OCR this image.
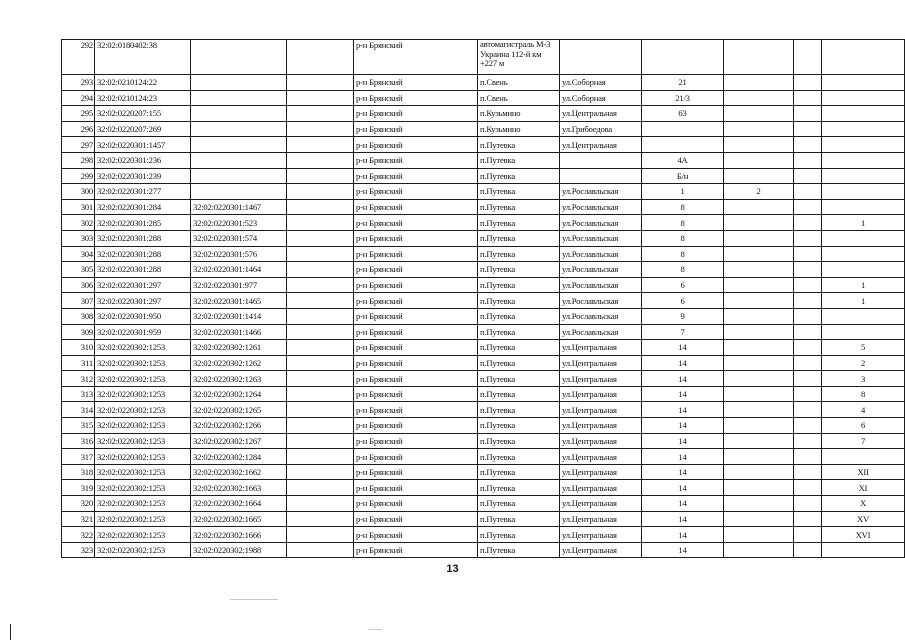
292	32:02:0180402:38			р-н Брянский	автомагистраль М-3 Украина 112-й км +227 м					
293	32:02:0210124:22			р-н Брянский	п.Свень	ул.Соборная	21			
294	32:02:0210124:23			р-н Брянский	п.Свень	ул.Соборная	21/3			
295	32:02:0220207:155			р-н Брянский	п.Кузьмино	ул.Центральная	63			
296	32:02:0220207:269			р-н Брянский	п.Кузьмино	ул.Грибоедова				
297	32:02:0220301:1457			р-н Брянский	п.Путевка	ул.Центральная				
298	32:02:0220301:236			р-н Брянский	п.Путевка		4А			
299	32:02:0220301:239			р-н Брянский	п.Путевка		Б/н			
300	32:02:0220301:277			р-н Брянский	п.Путевка	ул.Рославльская	1	2		
301	32:02:0220301:284	32:02:0220301:1467		р-н Брянский	п.Путевка	ул.Рославльская	8			
302	32:02:0220301:285	32:02:0220301:523		р-н Брянский	п.Путевка	ул.Рославльская	8			1
303	32:02:0220301:288	32:02:0220301:574		р-н Брянский	п.Путевка	ул.Рославльская	8			
304	32:02:0220301:288	32:02:0220301:576		р-н Брянский	п.Путевка	ул.Рославльская	8			
305	32:02:0220301:288	32:02:0220301:1464		р-н Брянский	п.Путевка	ул.Рославльская	8			
306	32:02:0220301:297	32:02:0220301:977		р-н Брянский	п.Путевка	ул.Рославльская	6			1
307	32:02:0220301:297	32:02:0220301:1465		р-н Брянский	п.Путевка	ул.Рославльская	6			1
308	32:02:0220301:950	32:02:0220301:1414		р-н Брянский	п.Путевка	ул.Рославльская	9			
309	32:02:0220301:959	32:02:0220301:1466		р-н Брянский	п.Путевка	ул.Рославльская	7			
310	32:02:0220302:1253	32:02:0220302:1261		р-н Брянский	п.Путевка	ул.Центральная	14			5
311	32:02:0220302:1253	32:02:0220302:1262		р-н Брянский	п.Путевка	ул.Центральная	14			2
312	32:02:0220302:1253	32:02:0220302:1263		р-н Брянский	п.Путевка	ул.Центральная	14			3
313	32:02:0220302:1253	32:02:0220302:1264		р-н Брянский	п.Путевка	ул.Центральная	14			8
314	32:02:0220302:1253	32:02:0220302:1265		р-н Брянский	п.Путевка	ул.Центральная	14			4
315	32:02:0220302:1253	32:02:0220302:1266		р-н Брянский	п.Путевка	ул.Центральная	14			6
316	32:02:0220302:1253	32:02:0220302:1267		р-н Брянский	п.Путевка	ул.Центральная	14			7
317	32:02:0220302:1253	32:02:0220302:1284		р-н Брянский	п.Путевка	ул.Центральная	14			
318	32:02:0220302:1253	32:02:0220302:1662		р-н Брянский	п.Путевка	ул.Центральная	14			XII
319	32:02:0220302:1253	32:02:0220302:1663		р-н Брянский	п.Путевка	ул.Центральная	14			XI
320	32:02:0220302:1253	32:02:0220302:1664		р-н Брянский	п.Путевка	ул.Центральная	14			X
321	32:02:0220302:1253	32:02:0220302:1665		р-н Брянский	п.Путевка	ул.Центральная	14			XV
322	32:02:0220302:1253	32:02:0220302:1666		р-н Брянский	п.Путевка	ул.Центральная	14			XVI
323	32:02:0220302:1253	32:02:0220302:1988		р-н Брянский	п.Путевка	ул.Центральная	14			
13
